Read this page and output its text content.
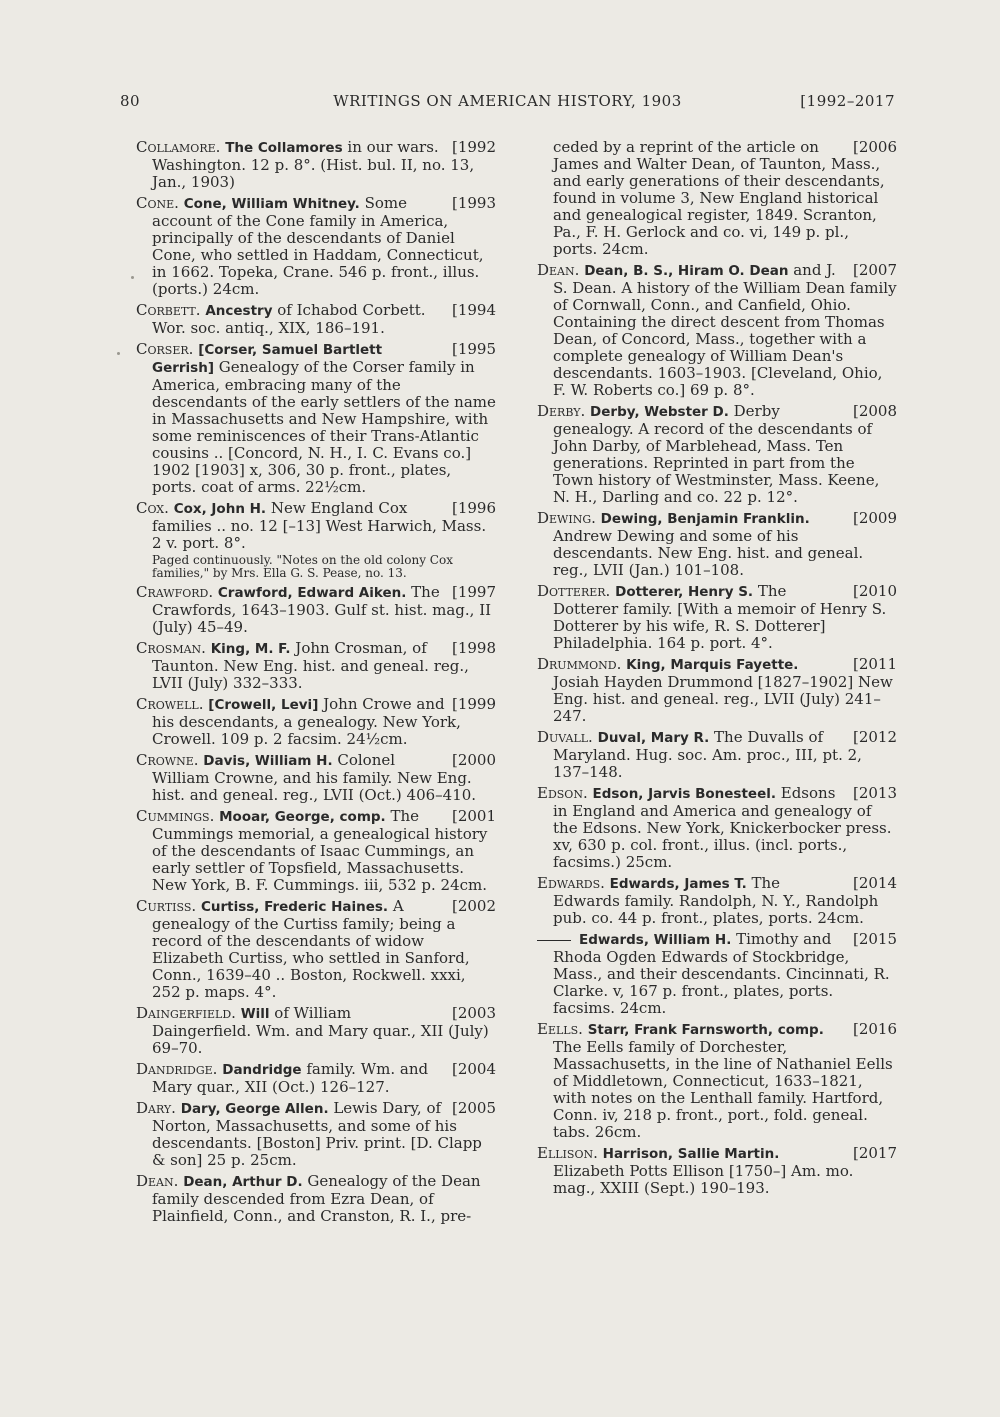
80	WRITINGS ON AMERICAN HISTORY, 1903	[1992–2017
[1992
Collamore. The Collamores in our wars. Washington. 12 p. 8°. (Hist. bul. II, no. 13, Jan., 1903)
[1993
Cone. Cone, William Whitney. Some account of the Cone family in America, principally of the descendants of Daniel Cone, who settled in Haddam, Connecticut, in 1662. Topeka, Crane. 546 p. front., illus. (ports.) 24cm.
[1994
Corbett. Ancestry of Ichabod Corbett. Wor. soc. antiq., XIX, 186–191.
[1995
Corser. [Corser, Samuel Bartlett Gerrish] Genealogy of the Corser family in America, embracing many of the descendants of the early settlers of the name in Massachusetts and New Hampshire, with some reminiscences of their Trans-Atlantic cousins .. [Concord, N. H., I. C. Evans co.] 1902 [1903] x, 306, 30 p. front., plates, ports. coat of arms. 22½cm.
[1996
Cox. Cox, John H. New England Cox families .. no. 12 [–13] West Harwich, Mass. 2 v. port. 8°.
Paged continuously. "Notes on the old colony Cox families," by Mrs. Ella G. S. Pease, no. 13.
[1997
Crawford. Crawford, Edward Aiken. The Crawfords, 1643–1903. Gulf st. hist. mag., II (July) 45–49.
[1998
Crosman. King, M. F. John Crosman, of Taunton. New Eng. hist. and geneal. reg., LVII (July) 332–333.
[1999
Crowell. [Crowell, Levi] John Crowe and his descendants, a genealogy. New York, Crowell. 109 p. 2 facsim. 24½cm.
[2000
Crowne. Davis, William H. Colonel William Crowne, and his family. New Eng. hist. and geneal. reg., LVII (Oct.) 406–410.
[2001
Cummings. Mooar, George, comp. The Cummings memorial, a genealogical history of the descendants of Isaac Cummings, an early settler of Topsfield, Massachusetts. New York, B. F. Cummings. iii, 532 p. 24cm.
[2002
Curtiss. Curtiss, Frederic Haines. A genealogy of the Curtiss family; being a record of the descendants of widow Elizabeth Curtiss, who settled in Sanford, Conn., 1639–40 .. Boston, Rockwell. xxxi, 252 p. maps. 4°.
[2003
Daingerfield. Will of William Daingerfield. Wm. and Mary quar., XII (July) 69–70.
[2004
Dandridge. Dandridge family. Wm. and Mary quar., XII (Oct.) 126–127.
[2005
Dary. Dary, George Allen. Lewis Dary, of Norton, Massachusetts, and some of his descendants. [Boston] Priv. print. [D. Clapp & son] 25 p. 25cm.
Dean. Dean, Arthur D. Genealogy of the Dean family descended from Ezra Dean, of Plainfield, Conn., and Cranston, R. I., pre-
[2006
ceded by a reprint of the article on James and Walter Dean, of Taunton, Mass., and early generations of their descendants, found in volume 3, New England historical and genealogical register, 1849. Scranton, Pa., F. H. Gerlock and co. vi, 149 p. pl., ports. 24cm.
[2007
Dean. Dean, B. S., Hiram O. Dean and J. S. Dean. A history of the William Dean family of Cornwall, Conn., and Canfield, Ohio. Containing the direct descent from Thomas Dean, of Concord, Mass., together with a complete genealogy of William Dean's descendants. 1603–1903. [Cleveland, Ohio, F. W. Roberts co.] 69 p. 8°.
[2008
Derby. Derby, Webster D. Derby genealogy. A record of the descendants of John Darby, of Marblehead, Mass. Ten generations. Reprinted in part from the Town history of Westminster, Mass. Keene, N. H., Darling and co. 22 p. 12°.
[2009
Dewing. Dewing, Benjamin Franklin. Andrew Dewing and some of his descendants. New Eng. hist. and geneal. reg., LVII (Jan.) 101–108.
[2010
Dotterer. Dotterer, Henry S. The Dotterer family. [With a memoir of Henry S. Dotterer by his wife, R. S. Dotterer] Philadelphia. 164 p. port. 4°.
[2011
Drummond. King, Marquis Fayette. Josiah Hayden Drummond [1827–1902] New Eng. hist. and geneal. reg., LVII (July) 241–247.
[2012
Duvall. Duval, Mary R. The Duvalls of Maryland. Hug. soc. Am. proc., III, pt. 2, 137–148.
[2013
Edson. Edson, Jarvis Bonesteel. Edsons in England and America and genealogy of the Edsons. New York, Knickerbocker press. xv, 630 p. col. front., illus. (incl. ports., facsims.) 25cm.
[2014
Edwards. Edwards, James T. The Edwards family. Randolph, N. Y., Randolph pub. co. 44 p. front., plates, ports. 24cm.
[2015
Edwards, William H. Timothy and Rhoda Ogden Edwards of Stockbridge, Mass., and their descendants. Cincinnati, R. Clarke. v, 167 p. front., plates, ports. facsims. 24cm.
[2016
Eells. Starr, Frank Farnsworth, comp. The Eells family of Dorchester, Massachusetts, in the line of Nathaniel Eells of Middletown, Connecticut, 1633–1821, with notes on the Lenthall family. Hartford, Conn. iv, 218 p. front., port., fold. geneal. tabs. 26cm.
[2017
Ellison. Harrison, Sallie Martin. Elizabeth Potts Ellison [1750–] Am. mo. mag., XXIII (Sept.) 190–193.
